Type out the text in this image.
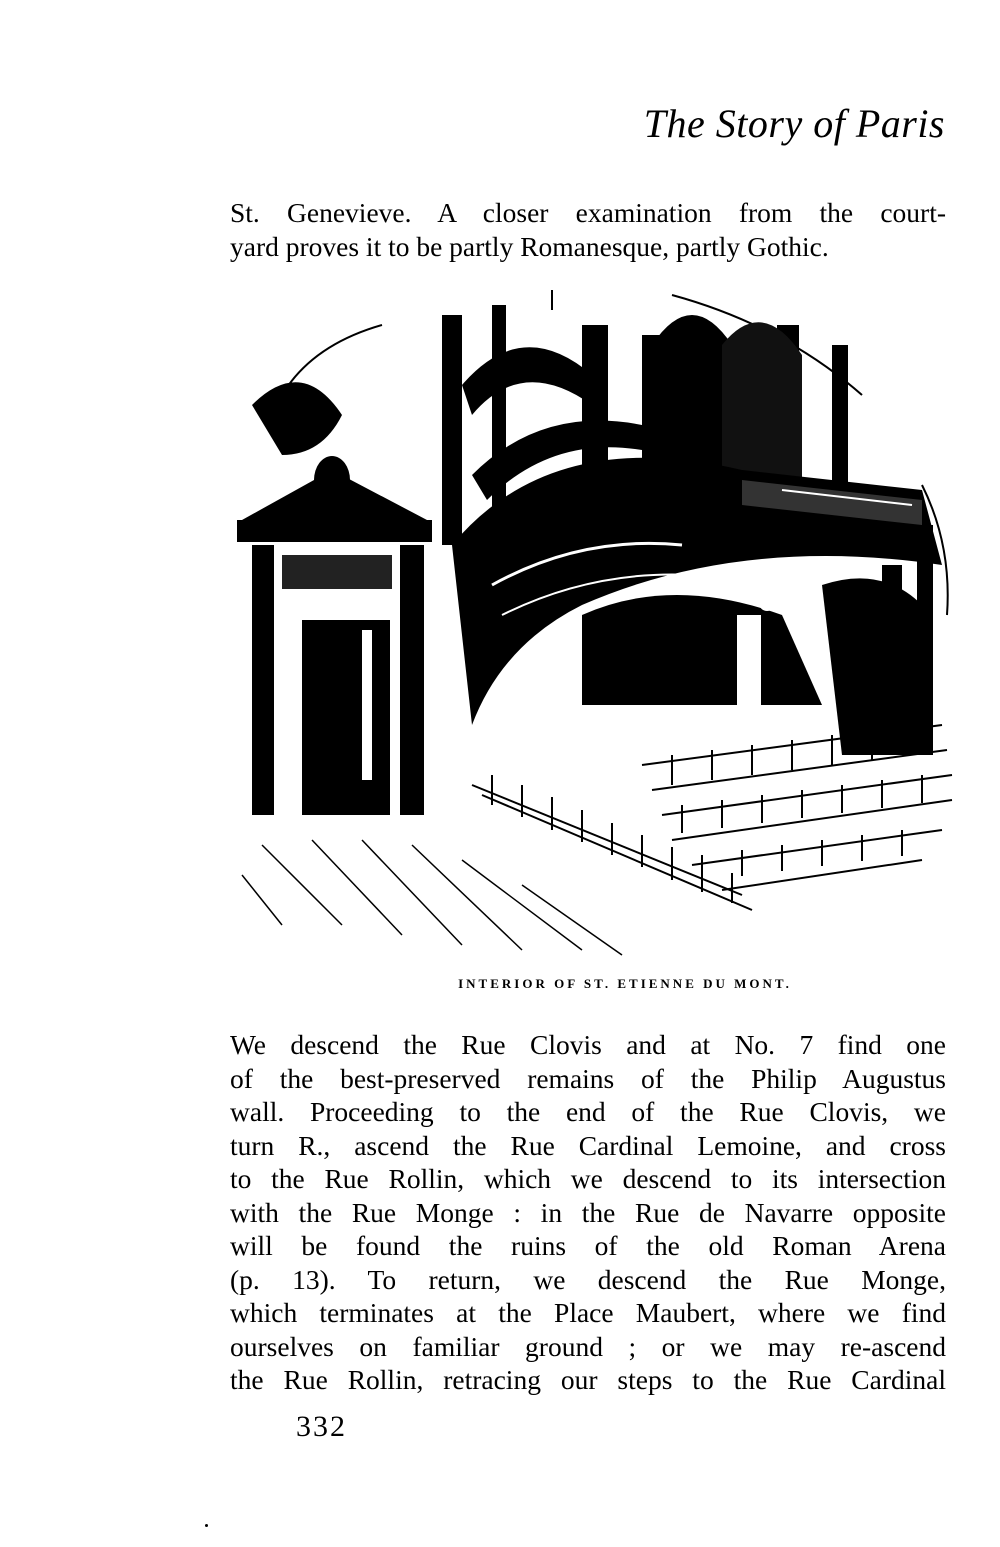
The Story of Paris

St. Genevieve. A closer examination from the court-
yard proves it to be partly Romanesque, partly Gothic.

INTERIOR OF ST. ETIENNE DU MONT.

We descend the Rue Clovis and at No. 7 find one
of the best-preserved remains of the Philip Augustus
wall. Proceeding to the end of the Rue Clovis, we
turn R., ascend the Rue Cardinal Lemoine, and cross
to the Rue Rollin, which we descend to its intersection
with the Rue Monge : in the Rue de Navarre opposite
will be found the ruins of the old Roman Arena
(p. 13). To return, we descend the Rue Monge,
which terminates at the Place Maubert, where we find
ourselves on familiar ground ; or we may re-ascend
the Rue Rollin, retracing our steps to the Rue Cardinal

332
